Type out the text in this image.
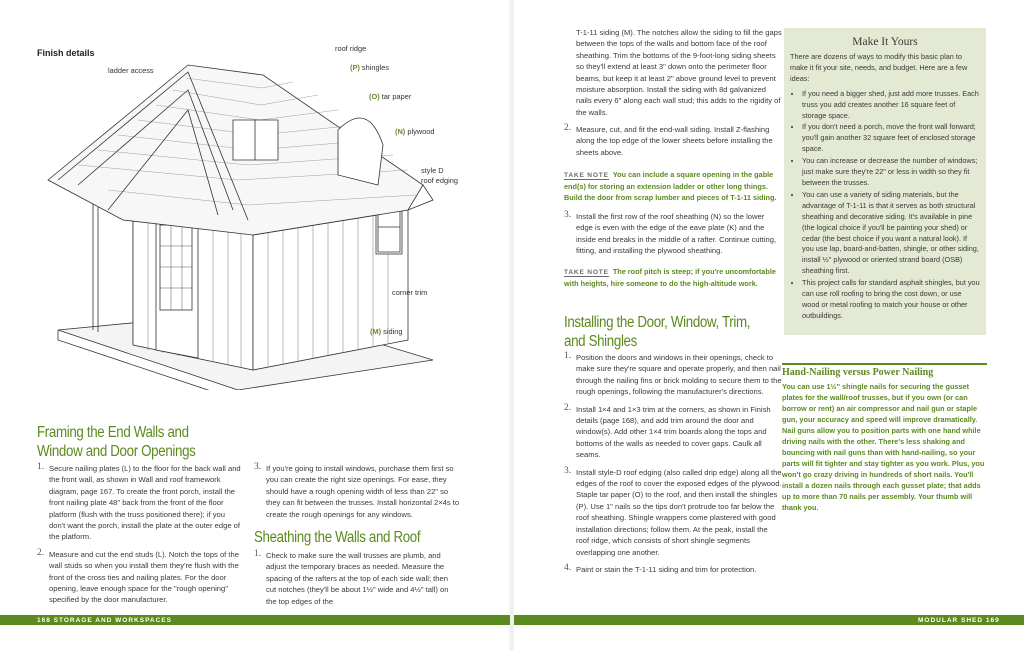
Finish details
ladder access
roof ridge
(P) shingles
(O) tar paper
(N) plywood
style D
roof edging
corner trim
(M) siding
Framing the End Walls and
Window and Door Openings
1. Secure nailing plates (L) to the floor for the back wall and the front wall, as shown in Wall and roof framework diagram, page 167. To create the front porch, install the front nailing plate 48" back from the front of the floor platform (flush with the truss positioned there); if you don't want the porch, install the plate at the outer edge of the platform.
2. Measure and cut the end studs (L). Notch the tops of the wall studs so when you install them they're flush with the front of the cross ties and nailing plates. For the door opening, leave enough space for the "rough opening" specified by the door manufacturer.
3. If you're going to install windows, purchase them first so you can create the right size openings. For ease, they should have a rough opening width of less than 22" so they can fit between the trusses. Install horizontal 2×4s to create the rough openings for any windows.
Sheathing the Walls and Roof
1. Check to make sure the wall trusses are plumb, and adjust the temporary braces as needed. Measure the spacing of the rafters at the top of each side wall; then cut notches (they'll be about 1½" wide and 4½" tall) on the top edges of the
T-1-11 siding (M). The notches allow the siding to fill the gaps between the tops of the walls and bottom face of the roof sheathing. Trim the bottoms of the 9-foot-long siding sheets so they'll extend at least 3" down onto the perimeter floor beams, but keep it at least 2" above ground level to prevent moisture absorption. Install the siding with 8d galvanized nails every 6" along each wall stud; this adds to the rigidity of the walls.
2. Measure, cut, and fit the end-wall siding. Install Z-flashing along the top edge of the lower sheets before installing the sheets above.
TAKE NOTE You can include a square opening in the gable end(s) for storing an extension ladder or other long things. Build the door from scrap lumber and pieces of T-1-11 siding.
3. Install the first row of the roof sheathing (N) so the lower edge is even with the edge of the eave plate (K) and the inside end breaks in the middle of a rafter. Continue cutting, fitting, and installing the plywood sheathing.
TAKE NOTE The roof pitch is steep; if you're uncomfortable with heights, hire someone to do the high-altitude work.
Installing the Door, Window, Trim,
and Shingles
1. Position the doors and windows in their openings, check to make sure they're square and operate properly, and then nail through the nailing fins or brick molding to secure them to the rough openings, following the manufacturer's directions.
2. Install 1×4 and 1×3 trim at the corners, as shown in Finish details (page 168), and add trim around the door and window(s). Add other 1×4 trim boards along the tops and bottoms of the walls as needed to cover gaps. Caulk all seams.
3. Install style-D roof edging (also called drip edge) along all the edges of the roof to cover the exposed edges of the plywood. Staple tar paper (O) to the roof, and then install the shingles (P). Use 1" nails so the tips don't protrude too far below the roof sheathing. Shingle wrappers come plastered with good installation directions; follow them. At the peak, install the roof ridge, which consists of short shingle segments overlapping one another.
4. Paint or stain the T-1-11 siding and trim for protection.
Make It Yours

There are dozens of ways to modify this basic plan to make it fit your site, needs, and budget. Here are a few ideas:

• If you need a bigger shed, just add more trusses. Each truss you add creates another 16 square feet of storage space.
• If you don't need a porch, move the front wall forward; you'll gain another 32 square feet of enclosed storage space.
• You can increase or decrease the number of windows; just make sure they're 22" or less in width so they fit between the trusses.
• You can use a variety of siding materials, but the advantage of T-1-11 is that it serves as both structural sheathing and decorative siding. It's available in pine (the logical choice if you'll be painting your shed) or cedar (the best choice if you want a natural look). If you use lap, board-and-batten, shingle, or other siding, install ½" plywood or oriented strand board (OSB) sheathing first.
• This project calls for standard asphalt shingles, but you can use roll roofing to bring the cost down, or use wood or metal roofing to match your house or other outbuildings.
Hand-Nailing versus Power Nailing

You can use 1½" shingle nails for securing the gusset plates for the wall/roof trusses, but if you own (or can borrow or rent) an air compressor and nail gun or staple gun, your accuracy and speed will improve dramatically. Nail guns allow you to position parts with one hand while driving nails with the other. There's less shaking and bouncing with nail guns than with hand-nailing, so your parts will fit tighter and stay tighter as you work. Plus, you won't go crazy driving in hundreds of short nails. You'll install a dozen nails through each gusset plate; that adds up to more than 70 nails per assembly. Your thumb will thank you.

168 STORAGE AND WORKSPACES	MODULAR SHED 169
